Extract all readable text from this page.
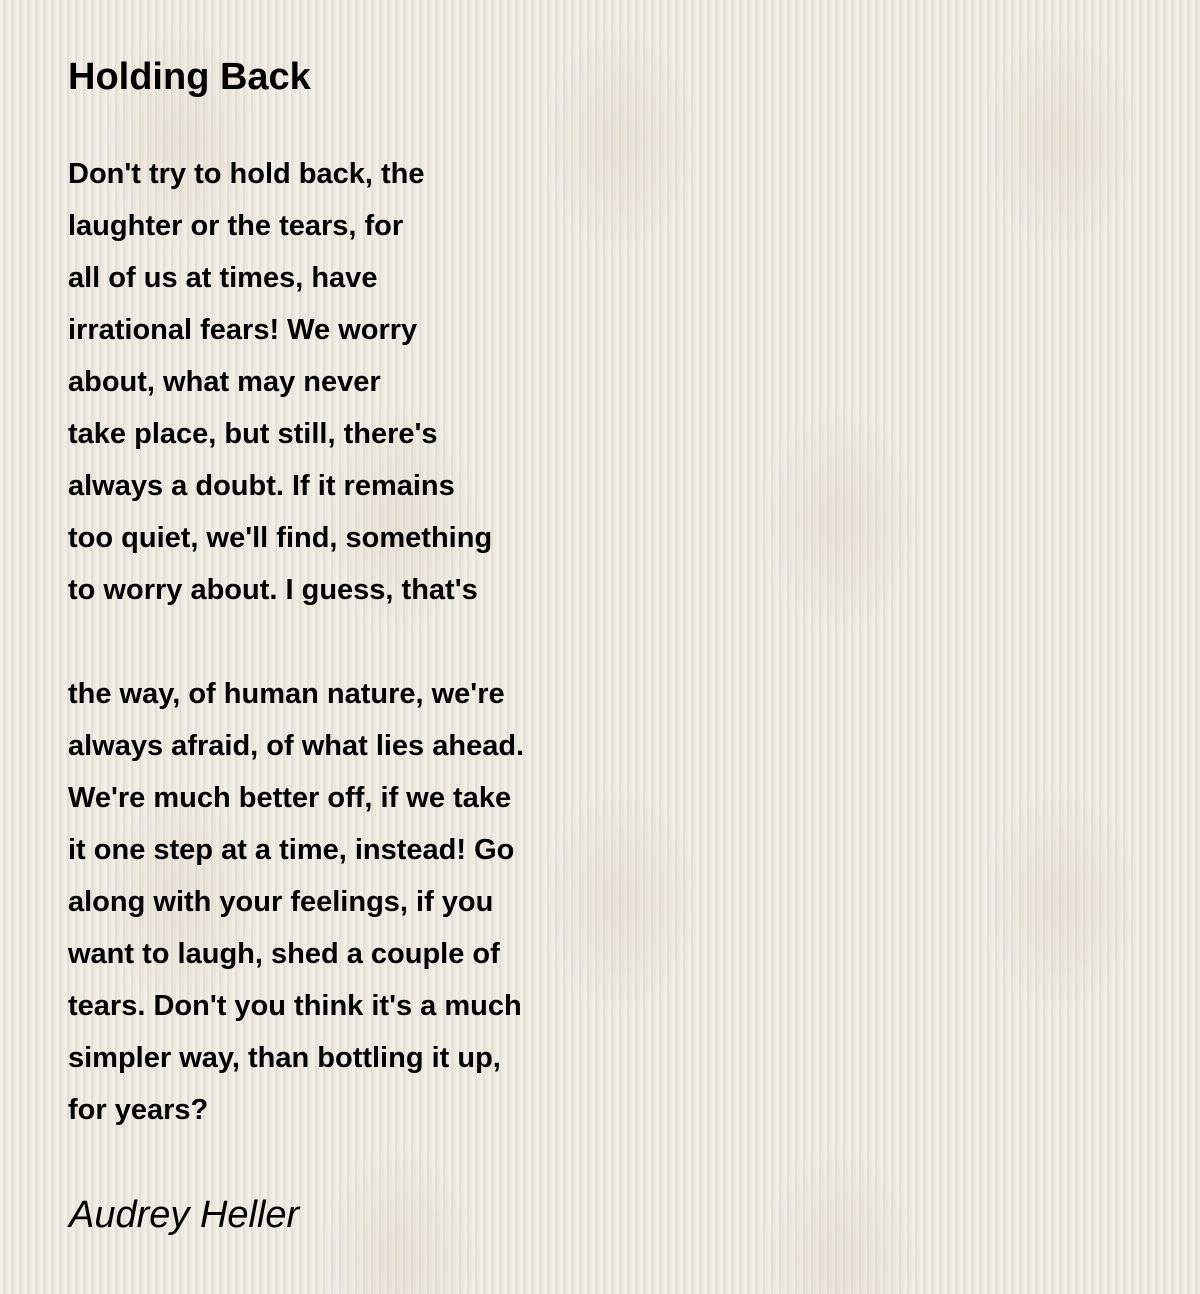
Holding Back
Don't try to hold back, the
laughter or the tears, for
all of us at times, have
irrational fears! We worry
about, what may never
take place, but still, there's
always a doubt. If it remains
too quiet, we'll find, something
to worry about. I guess, that's
the way, of human nature, we're
always afraid, of what lies ahead.
We're much better off, if we take
it one step at a time, instead! Go
along with your feelings, if you
want to laugh, shed a couple of
tears. Don't you think it's a much
simpler way, than bottling it up,
for years?

Audrey Heller
